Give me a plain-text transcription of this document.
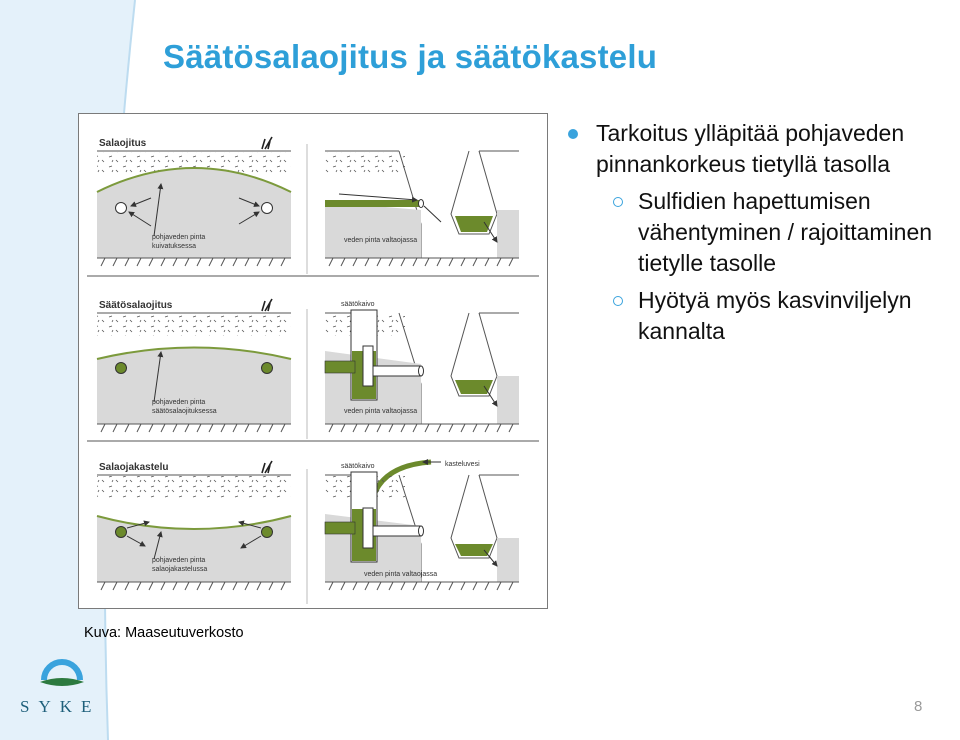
Säätösalaojitus ja säätökastelu
Salaojitus
pohjaveden pinta
kuivatuksessa
veden pinta valtaojassa
Säätösalaojitus
pohjaveden pinta
säätösalaojituksessa
säätökaivo
veden pinta valtaojassa
Salaojakastelu
pohjaveden pinta
salaojakastelussa
säätökaivo	kasteluvesi
veden pinta valtaojassa
Tarkoitus ylläpitää pohjaveden pinnankorkeus tietyllä tasolla
Sulfidien hapettumisen vähentyminen / rajoittaminen tietylle tasolle
Hyötyä myös kasvinviljelyn kannalta
Kuva: Maaseutuverkosto
SYKE	8
